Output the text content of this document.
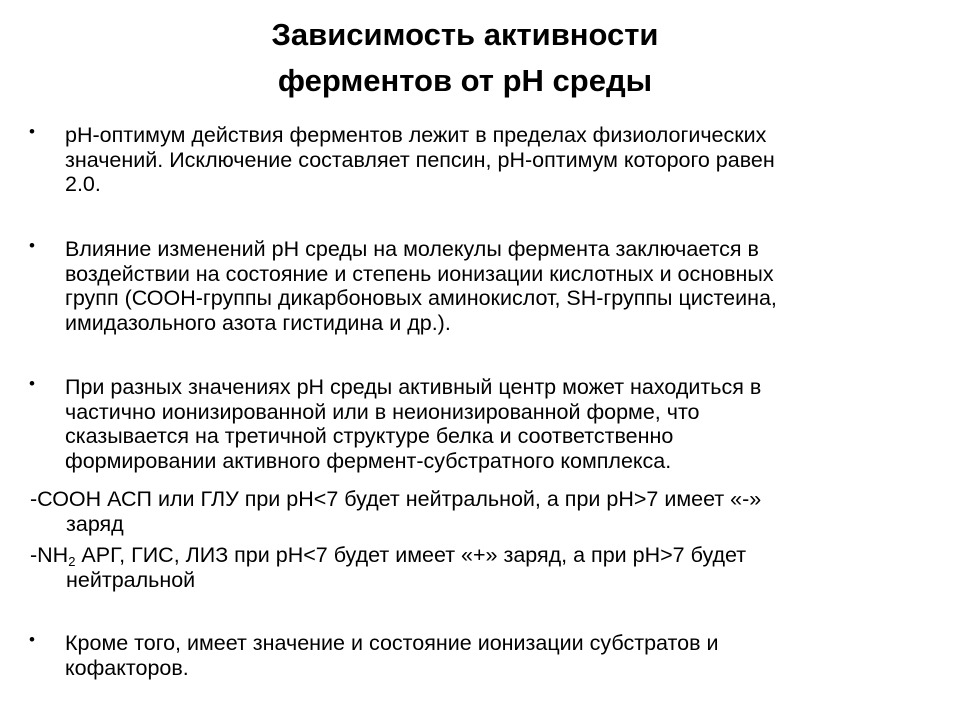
Зависимость активности
ферментов от pH среды
• pH-оптимум действия ферментов лежит в пределах физиологических
значений. Исключение составляет пепсин, pH-оптимум которого равен
2.0.
• Влияние изменений pH среды на молекулы фермента заключается в
воздействии на состояние и степень ионизации кислотных и основных
групп (СООН-группы дикарбоновых аминокислот, SH-группы цистеина,
имидазольного азота гистидина и др.).
• При разных значениях pH среды активный центр может находиться в
частично ионизированной или в неионизированной форме, что
сказывается на третичной структуре белка и соответственно
формировании активного фермент-субстратного комплекса.
-СООН АСП или ГЛУ при pH<7 будет нейтральной, а при pH>7 имеет «-»
заряд
$-NH_2$ АРГ, ГИС, ЛИЗ при pH<7 будет имеет «+» заряд, а при pH>7 будет
нейтральной
• Кроме того, имеет значение и состояние ионизации субстратов и
кофакторов.
